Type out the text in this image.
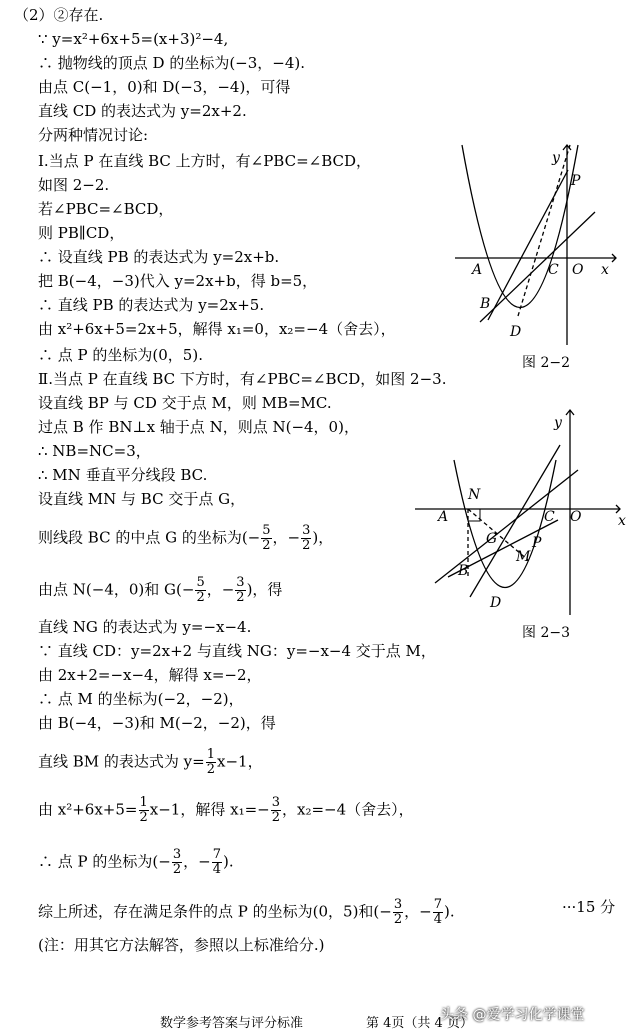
（2）②存在.
∵ y=x²+6x+5=(x+3)²−4,
∴ 抛物线的顶点 D 的坐标为(−3，−4).
由点 C(−1，0)和 D(−3，−4)，可得
直线 CD 的表达式为 y=2x+2.
分两种情况讨论:
Ⅰ.当点 P 在直线 BC 上方时，有∠PBC=∠BCD，
如图 2−2.
若∠PBC=∠BCD，
则 PB∥CD，
∴ 设直线 PB 的表达式为 y=2x+b.
把 B(−4，−3)代入 y=2x+b，得 b=5，
∴ 直线 PB 的表达式为 y=2x+5.
由 x²+6x+5=2x+5，解得 x₁=0，x₂=−4（舍去），
∴ 点 P 的坐标为(0，5).
Ⅱ.当点 P 在直线 BC 下方时，有∠PBC=∠BCD，如图 2−3.
设直线 BP 与 CD 交于点 M，则 MB=MC.
过点 B 作 BN⊥x 轴于点 N，则点 N(−4，0)，
∴ NB=NC=3，
∴ MN 垂直平分线段 BC.
设直线 MN 与 BC 交于点 G，
则线段 BC 的中点 G 的坐标为(− $\frac{5}{2}$ ，− $\frac{3}{2}$ )，
由点 N(−4，0)和 $G(- \frac{5}{2}$ ，− $\frac{3}{2}$ )，得
直线 NG 的表达式为 y=−x−4.
∵ 直线 CD：y=2x+2 与直线 NG：y=−x−4 交于点 M，
由 2x+2=−x−4，解得 x=−2，
∴ 点 M 的坐标为(−2，−2)，
由 B(−4，−3)和 M(−2，−2)，得
直线 BM 的表达式为 $y= \frac{1}{2} x-1$，
由 $x^2+6x+5= \frac{1}{2} x-1$，解得 $x_1=- \frac{3}{2}$ ，x₂=−4（舍去），
∴ 点 P 的坐标为(− $\frac{3}{2}$ ，− $\frac{7}{4}$ ).
综上所述，存在满足条件的点 P 的坐标为(0，5)和(− $\frac{3}{2}$ ，− $\frac{7}{4}$ ).	···15 分
(注：用其它方法解答，参照以上标准给分.)
y
x
P
A	C O
B
D
图 2−2
y
x
N
A	C O
G P
M
B
D
图 2−3
数学参考答案与评分标准	第 4页（共 4 页）
头条 @爱学习化学课堂
